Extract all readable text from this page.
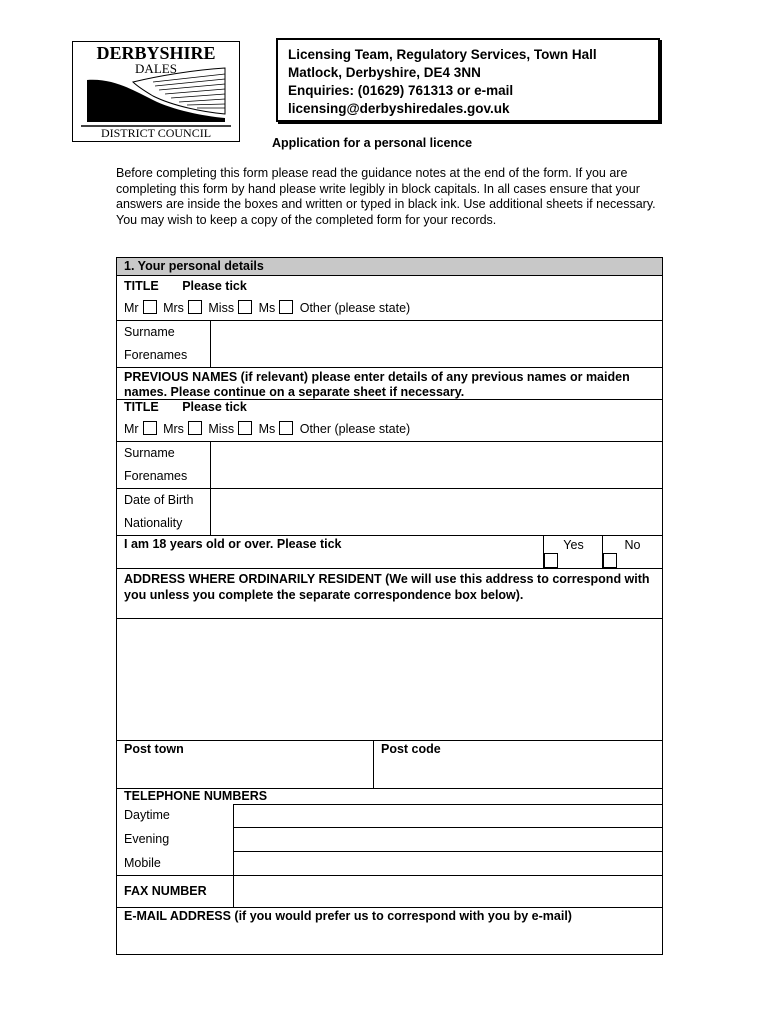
DERBYSHIRE
DALES
DISTRICT COUNCIL
Licensing Team, Regulatory Services, Town Hall
Matlock, Derbyshire, DE4 3NN
Enquiries: (01629) 761313 or e-mail
licensing@derbyshiredales.gov.uk
Application for a personal licence

Before completing this form please read the guidance notes at the end of the form. If you are completing this form by hand please write legibly in block capitals. In all cases ensure that your answers are inside the boxes and written or typed in black ink. Use additional sheets if necessary.

You may wish to keep a copy of the completed form for your records.

1. Your personal details
TITLE Please tick
Mr Mrs Miss Ms Other (please state)
Surname
Forenames
PREVIOUS NAMES (if relevant) please enter details of any previous names or maiden names. Please continue on a separate sheet if necessary.
TITLE Please tick
Mr Mrs Miss Ms Other (please state)
Surname
Forenames
Date of Birth
Nationality
I am 18 years old or over. Please tick	Yes	No
ADDRESS WHERE ORDINARILY RESIDENT (We will use this address to correspond with you unless you complete the separate correspondence box below).
Post town	Post code
TELEPHONE NUMBERS
Daytime
Evening
Mobile
FAX NUMBER
E-MAIL ADDRESS (if you would prefer us to correspond with you by e-mail)
